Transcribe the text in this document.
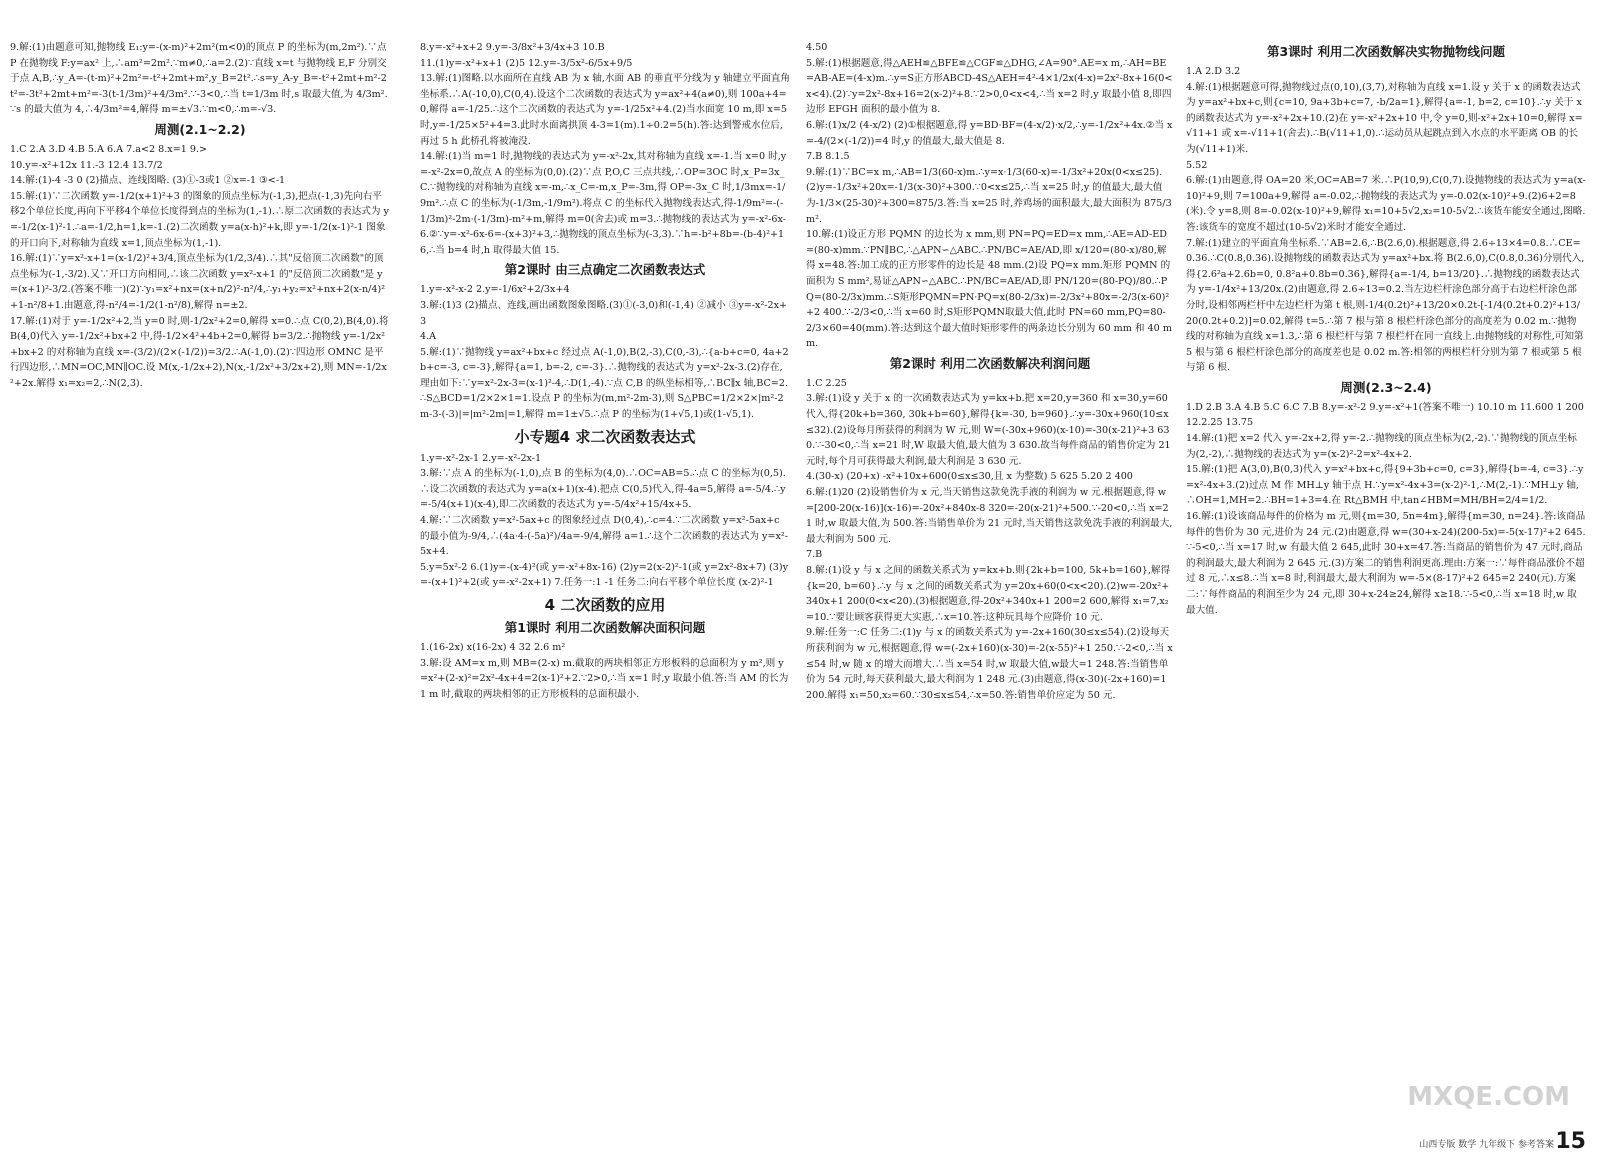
9.解:(1)由题意可知,抛物线 E₁:y=-(x-m)²+2m²(m<0)的顶点 P 的坐标为(m,2m²).∵点 P 在抛物线 F:y=ax² 上,∴am²=2m².∵m≠0,∴a=2.(2)∵直线 x=t 与抛物线 E,F 分别交于点 A,B,∴y_A=-(t-m)²+2m²=-t²+2mt+m²,y_B=2t².∴s=y_A-y_B=-t²+2mt+m²-2t²=-3t²+2mt+m²=-3(t-1/3m)²+4/3m².∵-3<0,∴当 t=1/3m 时,s 取最大值,为 4/3m².∵s 的最大值为 4,∴4/3m²=4,解得 m=±√3.∵m<0,∴m=-√3.
周测(2.1~2.2)
1.C 2.A 3.D 4.B 5.A 6.A 7.a<2 8.x=1 9.>
10.y=-x²+12x 11.-3 12.4 13.7/2
14.解:(1)-4 -3 0 (2)描点、连线图略. (3)①-3或1 ②x=-1 ③<-1
15.解:(1)∵二次函数 y=-1/2(x+1)²+3 的图象的顶点坐标为(-1,3),把点(-1,3)先向右平移2个单位长度,再向下平移4个单位长度得到点的坐标为(1,-1).∴原二次函数的表达式为 y=-1/2(x-1)²-1.∴a=-1/2,h=1,k=-1.(2)二次函数 y=a(x-h)²+k,即 y=-1/2(x-1)²-1 图象的开口向下,对称轴为直线 x=1,顶点坐标为(1,-1).
16.解:(1)∵y=x²-x+1=(x-1/2)²+3/4,顶点坐标为(1/2,3/4).∴其"反倍顶二次函数"的顶点坐标为(-1,-3/2).又∵开口方向相同,∴该二次函数 y=x²-x+1 的"反倍顶二次函数"是 y=(x+1)²-3/2.(答案不唯一)(2)∵y₁=x²+nx=(x+n/2)²-n²/4,∴y₁+y₂=x²+nx+2(x-n/4)²+1-n²/8+1.由题意,得-n²/4=-1/2(1-n²/8),解得 n=±2.
17.解:(1)对于 y=-1/2x²+2,当 y=0 时,则-1/2x²+2=0,解得 x=0.∴点 C(0,2),B(4,0).将 B(4,0)代入 y=-1/2x²+bx+2 中,得-1/2×4²+4b+2=0,解得 b=3/2.∴抛物线 y=-1/2x²+bx+2 的对称轴为直线 x=-(3/2)/(2×(-1/2))=3/2.∴A(-1,0).(2)∵四边形 OMNC 是平行四边形,∴MN=OC,MN∥OC.设 M(x,-1/2x+2),N(x,-1/2x²+3/2x+2),则 MN=-1/2x²+2x.解得 x₁=x₂=2,∴N(2,3).
8.y=-x²+x+2 9.y=-3/8x²+3/4x+3 10.B
11.(1)y=-x²+x+1 (2)5 12.y=-3/5x²-6/5x+9/5
13.解:(1)图略.以水面所在直线 AB 为 x 轴,水面 AB 的垂直平分线为 y 轴建立平面直角坐标系.∴A(-10,0),C(0,4).设这个二次函数的表达式为 y=ax²+4(a≠0),则 100a+4=0,解得 a=-1/25.∴这个二次函数的表达式为 y=-1/25x²+4.(2)当水面宽 10 m,即 x=5 时,y=-1/25×5²+4=3.此时水面离拱顶 4-3=1(m).1÷0.2=5(h).答:达到警戒水位后,再过 5 h 此桥孔将被淹没.
14.解:(1)当 m=1 时,抛物线的表达式为 y=-x²-2x,其对称轴为直线 x=-1.当 x=0 时,y=-x²-2x=0,故点 A 的坐标为(0,0).(2)∵点 P,O,C 三点共线,∴OP=3OC 时,x_P=3x_C.∵抛物线的对称轴为直线 x=-m,∴x_C=-m,x_P=-3m,得 OP=-3x_C 时,1/3mx=-1/9m².∴点 C 的坐标为(-1/3m,-1/9m²).将点 C 的坐标代入抛物线表达式,得-1/9m²=-(-1/3m)²-2m·(-1/3m)-m²+m,解得 m=0(舍去)或 m=3.∴抛物线的表达式为 y=-x²-6x-6.②∵y=-x²-6x-6=-(x+3)²+3,∴抛物线的顶点坐标为(-3,3).∵h=-b²+8b=-(b-4)²+16,∴当 b=4 时,h 取得最大值 15.
第2课时 由三点确定二次函数表达式
1.y=-x²-x-2 2.y=-1/6x²+2/3x+4
3.解:(1)3 (2)描点、连线,画出函数图象图略.(3)①(-3,0)和(-1,4) ②减小 ③y=-x²-2x+3
4.A
5.解:(1)∵抛物线 y=ax²+bx+c 经过点 A(-1,0),B(2,-3),C(0,-3),∴{a-b+c=0, 4a+2b+c=-3, c=-3},解得{a=1, b=-2, c=-3}.∴抛物线的表达式为 y=x²-2x-3.(2)存在,理由如下:∵y=x²-2x-3=(x-1)²-4,∴D(1,-4).∵点 C,B 的纵坐标相等,∴BC∥x 轴,BC=2.∴S△BCD=1/2×2×1=1.设点 P 的坐标为(m,m²-2m-3),则 S△PBC=1/2×2×|m²-2m-3-(-3)|=|m²-2m|=1,解得 m=1±√5.∴点 P 的坐标为(1+√5,1)或(1-√5,1).
小专题4 求二次函数表达式
1.y=-x²-2x-1 2.y=-x²-2x-1
3.解:∵点 A 的坐标为(-1,0),点 B 的坐标为(4,0).∴OC=AB=5.∴点 C 的坐标为(0,5).∴设二次函数的表达式为 y=a(x+1)(x-4).把点 C(0,5)代入,得-4a=5,解得 a=-5/4.∴y=-5/4(x+1)(x-4),即二次函数的表达式为 y=-5/4x²+15/4x+5.
4.解:∵二次函数 y=x²-5ax+c 的图象经过点 D(0,4),∴c=4.∵二次函数 y=x²-5ax+c 的最小值为-9/4,∴(4a·4-(-5a)²)/4a=-9/4,解得 a=1.∴这个二次函数的表达式为 y=x²-5x+4.
5.y=5x²-2 6.(1)y=-(x-4)²(或 y=-x²+8x-16) (2)y=2(x-2)²-1(或 y=2x²-8x+7) (3)y=-(x+1)²+2(或 y=-x²-2x+1) 7.任务一:1 -1 任务二:向右平移个单位长度 (x-2)²-1
4 二次函数的应用
第1课时 利用二次函数解决面积问题
1.(16-2x) x(16-2x) 4 32 2.6 m²
3.解:设 AM=x m,则 MB=(2-x) m.截取的两块相邻正方形板料的总面积为 y m²,则 y=x²+(2-x)²=2x²-4x+4=2(x-1)²+2.∵2>0,∴当 x=1 时,y 取最小值.答:当 AM 的长为 1 m 时,截取的两块相邻的正方形板料的总面积最小.
4.50
5.解:(1)根据题意,得△AEH≌△BFE≌△CGF≌△DHG,∠A=90°.AE=x m,∴AH=BE=AB-AE=(4-x)m.∴y=S正方形ABCD-4S△AEH=4²-4×1/2x(4-x)=2x²-8x+16(0<x<4).(2)∵y=2x²-8x+16=2(x-2)²+8.∵2>0,0<x<4,∴当 x=2 时,y 取最小值 8,即四边形 EFGH 面积的最小值为 8.
6.解:(1)x/2 (4-x/2) (2)①根据题意,得 y=BD·BF=(4-x/2)·x/2,∴y=-1/2x²+4x.②当 x=-4/(2×(-1/2))=4 时,y 的值最大,最大值是 8.
7.B 8.1.5
9.解:(1)∵BC=x m,∴AB=1/3(60-x)m.∴y=x·1/3(60-x)=-1/3x²+20x(0<x≤25).(2)y=-1/3x²+20x=-1/3(x-30)²+300.∵0<x≤25,∴当 x=25 时,y 的值最大,最大值为-1/3×(25-30)²+300=875/3.答:当 x=25 时,养鸡场的面积最大,最大面积为 875/3 m².
10.解:(1)设正方形 PQMN 的边长为 x mm,则 PN=PQ=ED=x mm,∴AE=AD-ED=(80-x)mm.∵PN∥BC,∴△APN∽△ABC.∴PN/BC=AE/AD,即 x/120=(80-x)/80,解得 x=48.答:加工成的正方形零件的边长是 48 mm.(2)设 PQ=x mm.矩形 PQMN 的面积为 S mm²,易证△APN∽△ABC.∴PN/BC=AE/AD,即 PN/120=(80-PQ)/80.∴PQ=(80-2/3x)mm.∴S矩形PQMN=PN·PQ=x(80-2/3x)=-2/3x²+80x=-2/3(x-60)²+2 400.∵-2/3<0,∴当 x=60 时,S矩形PQMN取最大值,此时 PN=60 mm,PQ=80-2/3×60=40(mm).答:达到这个最大值时矩形零件的两条边长分别为 60 mm 和 40 mm.
第2课时 利用二次函数解决利润问题
1.C 2.25
3.解:(1)设 y 关于 x 的一次函数表达式为 y=kx+b.把 x=20,y=360 和 x=30,y=60 代入,得{20k+b=360, 30k+b=60},解得{k=-30, b=960}.∴y=-30x+960(10≤x≤32).(2)设每月所获得的利润为 W 元,则 W=(-30x+960)(x-10)=-30(x-21)²+3 630.∵-30<0,∴当 x=21 时,W 取最大值,最大值为 3 630.故当每件商品的销售价定为 21 元时,每个月可获得最大利润,最大利润是 3 630 元.
4.(30-x) (20+x) -x²+10x+600(0≤x≤30,且 x 为整数) 5 625 5.20 2 400
6.解:(1)20 (2)设销售价为 x 元,当天销售这款免洗手液的利润为 w 元.根据题意,得 w=[200-20(x-16)](x-16)=-20x²+840x-8 320=-20(x-21)²+500.∵-20<0,∴当 x=21 时,w 取最大值,为 500.答:当销售单价为 21 元时,当天销售这款免洗手液的利润最大,最大利润为 500 元.
7.B
8.解:(1)设 y 与 x 之间的函数关系式为 y=kx+b.则{2k+b=100, 5k+b=160},解得{k=20, b=60}.∴y 与 x 之间的函数关系式为 y=20x+60(0<x<20).(2)w=-20x²+340x+1 200(0<x<20).(3)根据题意,得-20x²+340x+1 200=2 600,解得 x₁=7,x₂=10.∵要让顾客获得更大实惠,∴x=10.答:这种玩具每个应降价 10 元.
9.解:任务一:C 任务二:(1)y 与 x 的函数关系式为 y=-2x+160(30≤x≤54).(2)设每天所获利润为 w 元,根据题意,得 w=(-2x+160)(x-30)=-2(x-55)²+1 250.∵-2<0,∴当 x≤54 时,w 随 x 的增大而增大.∴当 x=54 时,w 取最大值,w最大=1 248.答:当销售单价为 54 元时,每天获利最大,最大利润为 1 248 元.(3)由题意,得(x-30)(-2x+160)=1 200.解得 x₁=50,x₂=60.∵30≤x≤54,∴x=50.答:销售单价应定为 50 元.
第3课时 利用二次函数解决实物抛物线问题
1.A 2.D 3.2
4.解:(1)根据题意可得,抛物线过点(0,10),(3,7),对称轴为直线 x=1.设 y 关于 x 的函数表达式为 y=ax²+bx+c,则{c=10, 9a+3b+c=7, -b/2a=1},解得{a=-1, b=2, c=10}.∴y 关于 x 的函数表达式为 y=-x²+2x+10.(2)在 y=-x²+2x+10 中,令 y=0,则-x²+2x+10=0,解得 x=√11+1 或 x=-√11+1(舍去).∴B(√11+1,0).∴运动员从起跳点到入水点的水平距离 OB 的长为(√11+1)米.
5.52
6.解:(1)由题意,得 OA=20 米,OC=AB=7 米.∴P(10,9),C(0,7).设抛物线的表达式为 y=a(x-10)²+9,则 7=100a+9,解得 a=-0.02,∴抛物线的表达式为 y=-0.02(x-10)²+9.(2)6+2=8(米).令 y=8,则 8=-0.02(x-10)²+9,解得 x₁=10+5√2,x₂=10-5√2.∴该货车能安全通过,图略.答:该货车的宽度不超过(10-5√2)米时才能安全通过.
7.解:(1)建立的平面直角坐标系.∵AB=2.6,∴B(2.6,0).根据题意,得 2.6÷13×4=0.8.∴CE=0.36.∴C(0.8,0.36).设抛物线的函数表达式为 y=ax²+bx.将 B(2.6,0),C(0.8,0.36)分别代入,得{2.6²a+2.6b=0, 0.8²a+0.8b=0.36},解得{a=-1/4, b=13/20}.∴抛物线的函数表达式为 y=-1/4x²+13/20x.(2)由题意,得 2.6÷13=0.2.当左边栏杆涂色部分高于右边栏杆涂色部分时,设相邻两栏杆中左边栏杆为第 t 根,则-1/4(0.2t)²+13/20×0.2t-[-1/4(0.2t+0.2)²+13/20(0.2t+0.2)]=0.02,解得 t=5.∴第 7 根与第 8 根栏杆涂色部分的高度差为 0.02 m.∵抛物线的对称轴为直线 x=1.3,∴第 6 根栏杆与第 7 根栏杆在同一直线上.由抛物线的对称性,可知第 5 根与第 6 根栏杆涂色部分的高度差也是 0.02 m.答:相邻的两根栏杆分别为第 7 根或第 5 根与第 6 根.
周测(2.3~2.4)
1.D 2.B 3.A 4.B 5.C 6.C 7.B 8.y=-x²-2 9.y=-x²+1(答案不唯一) 10.10 m 11.600 1 200 12.2.25 13.75
14.解:(1)把 x=2 代入 y=-2x+2,得 y=-2.∴抛物线的顶点坐标为(2,-2).∵抛物线的顶点坐标为(2,-2),∴抛物线的表达式为 y=(x-2)²-2=x²-4x+2.
15.解:(1)把 A(3,0),B(0,3)代入 y=x²+bx+c,得{9+3b+c=0, c=3},解得{b=-4, c=3}.∴y=x²-4x+3.(2)过点 M 作 MH⊥y 轴于点 H.∵y=x²-4x+3=(x-2)²-1,∴M(2,-1).∵MH⊥y 轴,∴OH=1,MH=2.∴BH=1+3=4.在 Rt△BMH 中,tan∠HBM=MH/BH=2/4=1/2.
16.解:(1)设该商品每件的价格为 m 元,则{m=30, 5n=4m},解得{m=30, n=24}.答:该商品每件的售价为 30 元,进价为 24 元.(2)由题意,得 w=(30+x-24)(200-5x)=-5(x-17)²+2 645.∵-5<0,∴当 x=17 时,w 有最大值 2 645,此时 30+x=47.答:当商品的销售价为 47 元时,商品的利润最大,最大利润为 2 645 元.(3)方案二的销售利润更高.理由:方案一:∵每件商品涨价不超过 8 元,∴x≤8.∴当 x=8 时,利润最大,最大利润为 w=-5×(8-17)²+2 645=2 240(元).方案二:∵每件商品的利润至少为 24 元,即 30+x-24≥24,解得 x≥18.∵-5<0,∴当 x=18 时,w 取最大值.
MXQE.COM
山西专版 数学 九年级下 参考答案 15
